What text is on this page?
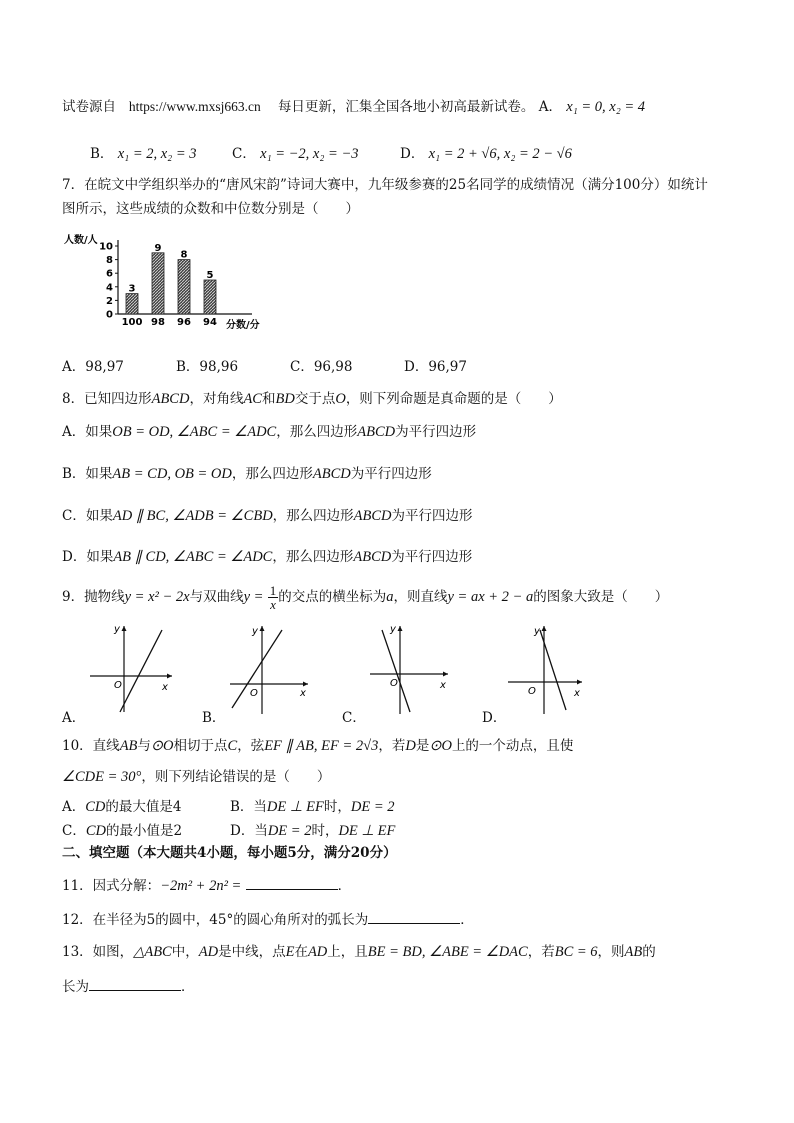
试卷源自 https://www.mxsj663.cn 每日更新，汇集全国各地小初高最新试卷。 A． x₁ = 0, x₂ = 4
B． x₁ = 2, x₂ = 3	C． x₁ = −2, x₂ = −3	D． x₁ = 2 + √6, x₂ = 2 − √6
7．在皖文中学组织举办的“唐风宋韵”诗词大赛中，九年级参赛的25名同学的成绩情况（满分100分）如统计
图所示，这些成绩的众数和中位数分别是（　　）
人数/人
分数/分
0
2
4
6
8
10
3
100
9
98
8
96
5
94
A．98,97	B．98,96	C．96,98	D．96,97
8．已知四边形ABCD，对角线AC和BD交于点O，则下列命题是真命题的是（　　）
A．如果OB = OD, ∠ABC = ∠ADC，那么四边形ABCD为平行四边形
B．如果AB = CD, OB = OD，那么四边形ABCD为平行四边形
C．如果AD ∥ BC, ∠ADB = ∠CBD，那么四边形ABCD为平行四边形
D．如果AB ∥ CD, ∠ABC = ∠ADC，那么四边形ABCD为平行四边形
9．抛物线y = x² − 2x与双曲线$y = \frac{1}{x}$ 的交点的横坐标为a，则直线y = ax + 2 − a的图象大致是（　　）
y
x
O
A．
y
x
O
B．
y
x
O
C．
y
x
O
D．
10．直线AB与⊙O相切于点C，弦EF ∥ AB, EF = 2√3，若D是⊙O上的一个动点，且使
∠CDE = 30°，则下列结论错误的是（　　）
A．CD的最大值是4	B．当DE ⊥ EF时，DE = 2
C．CD的最小值是2	D．当DE = 2时，DE ⊥ EF
二、填空题（本大题共4小题，每小题5分，满分20分）
11．因式分解：−2m² + 2n² =	．
12．在半径为5的圆中，45°的圆心角所对的弧长为	．
13．如图，△ABC中，AD是中线，点E在AD上，且BE = BD, ∠ABE = ∠DAC，若BC = 6，则AB的
长为	．
